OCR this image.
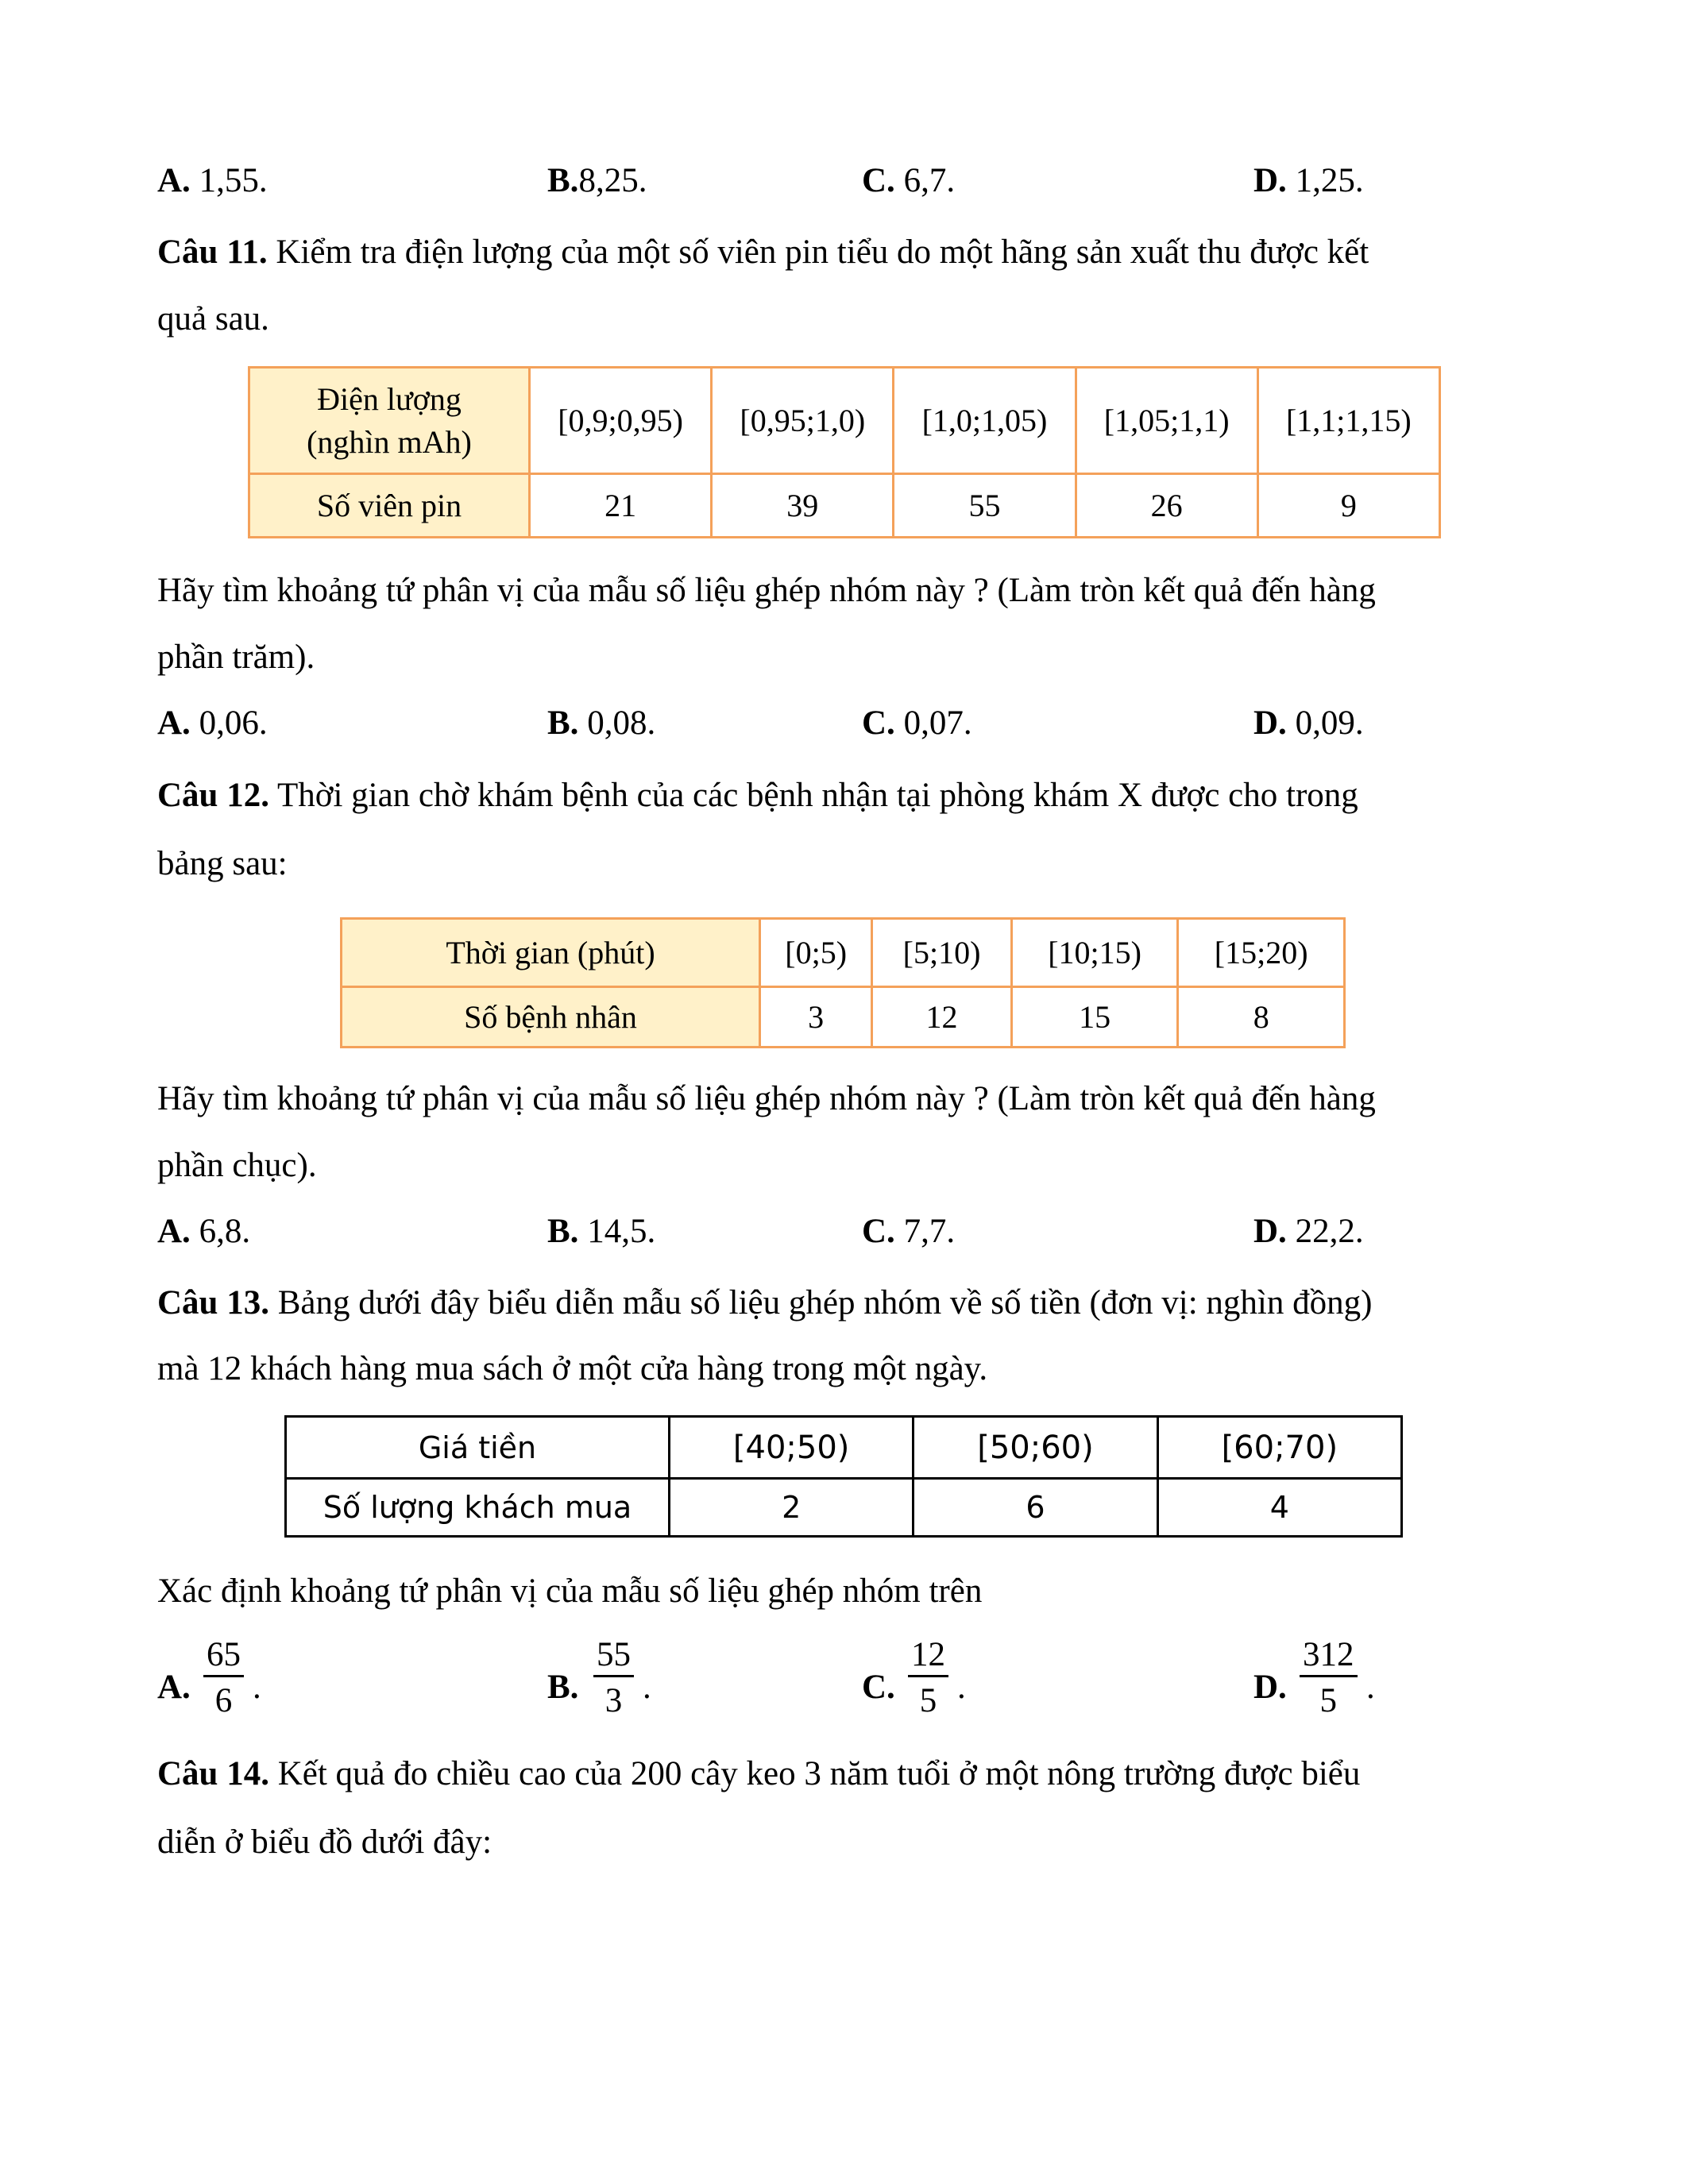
A. 1,55.	B.8,25.	C. 6,7.	D. 1,25.
Câu 11. Kiểm tra điện lượng của một số viên pin tiểu do một hãng sản xuất thu được kết
quả sau.
Điện lượng
(nghìn mAh)	[0,9;0,95)	[0,95;1,0)	[1,0;1,05)	[1,05;1,1)	[1,1;1,15)
Số viên pin	21	39	55	26	9
Hãy tìm khoảng tứ phân vị của mẫu số liệu ghép nhóm này ? (Làm tròn kết quả đến hàng
phần trăm).
A. 0,06.	B. 0,08.	C. 0,07.	D. 0,09.
Câu 12. Thời gian chờ khám bệnh của các bệnh nhận tại phòng khám X được cho trong
bảng sau:
Thời gian (phút)	[0;5)	[5;10)	[10;15)	[15;20)
Số bệnh nhân	3	12	15	8
Hãy tìm khoảng tứ phân vị của mẫu số liệu ghép nhóm này ? (Làm tròn kết quả đến hàng
phần chục).
A. 6,8.	B. 14,5.	C. 7,7.	D. 22,2.
Câu 13. Bảng dưới đây biểu diễn mẫu số liệu ghép nhóm về số tiền (đơn vị: nghìn đồng)
mà 12 khách hàng mua sách ở một cửa hàng trong một ngày.
Giá tiền	[40;50)	[50;60)	[60;70)
Số lượng khách mua	2	6	4
Xác định khoảng tứ phân vị của mẫu số liệu ghép nhóm trên
A. $\frac{65}{6}$ .	B. $\frac{55}{3}$ .	C. $\frac{12}{5}$ .	D. $\frac{312}{5}$ .
Câu 14. Kết quả đo chiều cao của 200 cây keo 3 năm tuổi ở một nông trường được biểu
diễn ở biểu đồ dưới đây:
